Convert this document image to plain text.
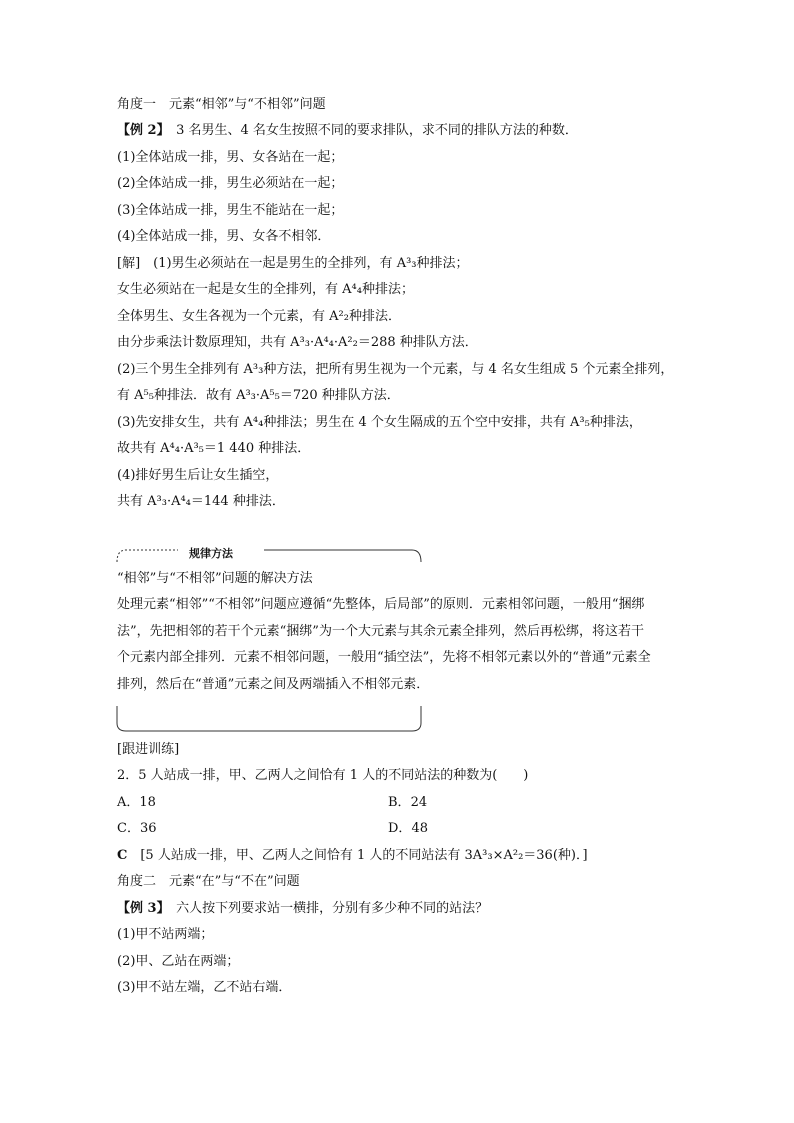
角度一　元素“相邻”与“不相邻”问题
【例 2】　3 名男生、4 名女生按照不同的要求排队，求不同的排队方法的种数．
(1)全体站成一排，男、女各站在一起；
(2)全体站成一排，男生必须站在一起；
(3)全体站成一排，男生不能站在一起；
(4)全体站成一排，男、女各不相邻．
[解]　(1)男生必须站在一起是男生的全排列，有 A³₃种排法；
女生必须站在一起是女生的全排列，有 A⁴₄种排法；
全体男生、女生各视为一个元素，有 A²₂种排法．
由分步乘法计数原理知，共有 A³₃·A⁴₄·A²₂＝288 种排队方法．
(2)三个男生全排列有 A³₃种方法，把所有男生视为一个元素，与 4 名女生组成 5 个元素全排列，
有 A⁵₅种排法．故有 A³₃·A⁵₅＝720 种排队方法．
(3)先安排女生，共有 A⁴₄种排法；男生在 4 个女生隔成的五个空中安排，共有 A³₅种排法，
故共有 A⁴₄·A³₅＝1 440 种排法．
(4)排好男生后让女生插空，
共有 A³₃·A⁴₄＝144 种排法．
规律方法
“相邻”与“不相邻”问题的解决方法
处理元素“相邻”“不相邻”问题应遵循“先整体，后局部”的原则．元素相邻问题，一般用“捆绑
法”，先把相邻的若干个元素“捆绑”为一个大元素与其余元素全排列，然后再松绑，将这若干
个元素内部全排列．元素不相邻问题，一般用“插空法”，先将不相邻元素以外的“普通”元素全
排列，然后在“普通”元素之间及两端插入不相邻元素．
[跟进训练]
2．5 人站成一排，甲、乙两人之间恰有 1 人的不同站法的种数为(　　)
A．18	B．24
C．36	D．48
C　[5 人站成一排，甲、乙两人之间恰有 1 人的不同站法有 3A³₃×A²₂＝36(种)．]
角度二　元素“在”与“不在”问题
【例 3】　六人按下列要求站一横排，分别有多少种不同的站法？
(1)甲不站两端；
(2)甲、乙站在两端；
(3)甲不站左端，乙不站右端．
